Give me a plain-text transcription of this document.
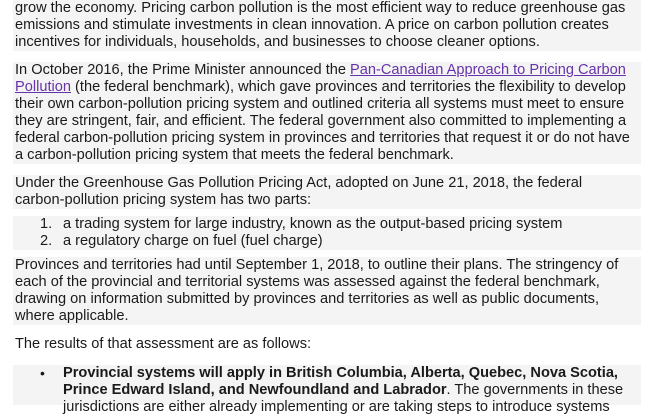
grow the economy. Pricing carbon pollution is the most efficient way to reduce greenhouse gas

emissions and stimulate investments in clean innovation. A price on carbon pollution creates

incentives for individuals, households, and businesses to choose cleaner options.

In October 2016, the Prime Minister announced the Pan-Canadian Approach to Pricing Carbon

Pollution (the federal benchmark), which gave provinces and territories the flexibility to develop

their own carbon-pollution pricing system and outlined criteria all systems must meet to ensure

they are stringent, fair, and efficient. The federal government also committed to implementing a

federal carbon-pollution pricing system in provinces and territories that request it or do not have

a carbon-pollution pricing system that meets the federal benchmark.

Under the Greenhouse Gas Pollution Pricing Act, adopted on June 21, 2018, the federal

carbon-pollution pricing system has two parts:

1. a trading system for large industry, known as the output-based pricing system
2. a regulatory charge on fuel (fuel charge)

Provinces and territories had until September 1, 2018, to outline their plans. The stringency of

each of the provincial and territorial systems was assessed against the federal benchmark,

drawing on information submitted by provinces and territories as well as public documents,

where applicable.

The results of that assessment are as follows:

• Provincial systems will apply in British Columbia, Alberta, Quebec, Nova Scotia,
Prince Edward Island, and Newfoundland and Labrador. The governments in these
jurisdictions are either already implementing or are taking steps to introduce systems
